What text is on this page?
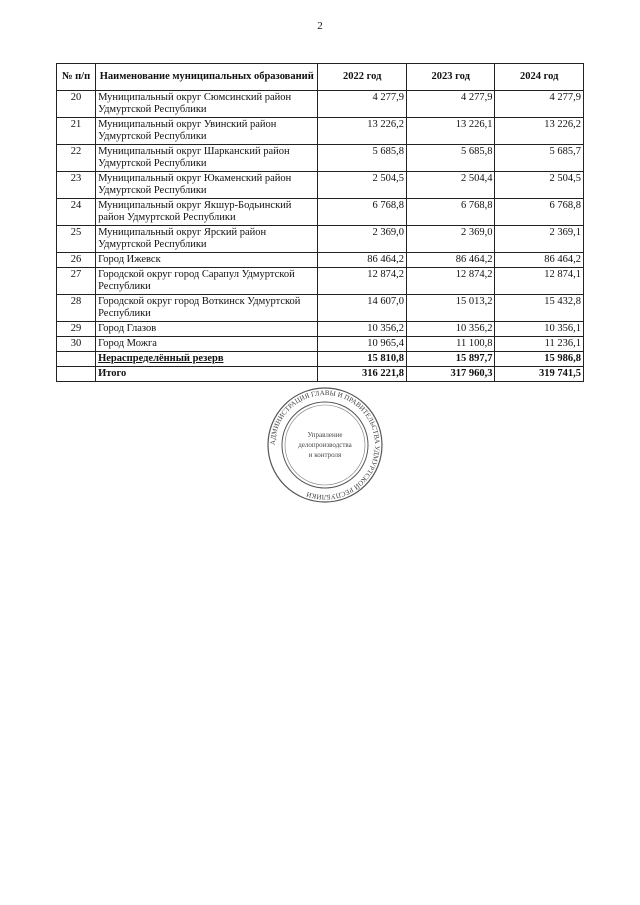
2
№ п/п	Наименование муниципальных образований	2022 год	2023 год	2024 год
20	Муниципальный округ Сюмсинский район Удмуртской Республики	4 277,9	4 277,9	4 277,9
21	Муниципальный округ Увинский район Удмуртской Республики	13 226,2	13 226,1	13 226,2
22	Муниципальный округ Шарканский район Удмуртской Республики	5 685,8	5 685,8	5 685,7
23	Муниципальный округ Юкаменский район Удмуртской Республики	2 504,5	2 504,4	2 504,5
24	Муниципальный округ Якшур-Бодьинский район Удмуртской Республики	6 768,8	6 768,8	6 768,8
25	Муниципальный округ Ярский район Удмуртской Республики	2 369,0	2 369,0	2 369,1
26	Город Ижевск	86 464,2	86 464,2	86 464,2
27	Городской округ город Сарапул Удмуртской Республики	12 874,2	12 874,2	12 874,1
28	Городской округ город Воткинск Удмуртской Республики	14 607,0	15 013,2	15 432,8
29	Город Глазов	10 356,2	10 356,2	10 356,1
30	Город Можга	10 965,4	11 100,8	11 236,1
	Нераспределённый резерв	15 810,8	15 897,7	15 986,8
	Итого	316 221,8	317 960,3	319 741,5
АДМИНИСТРАЦИЯ ГЛАВЫ И ПРАВИТЕЛЬСТВА УДМУРТСКОЙ РЕСПУБЛИКИ
Управление
делопроизводства
и контроля
